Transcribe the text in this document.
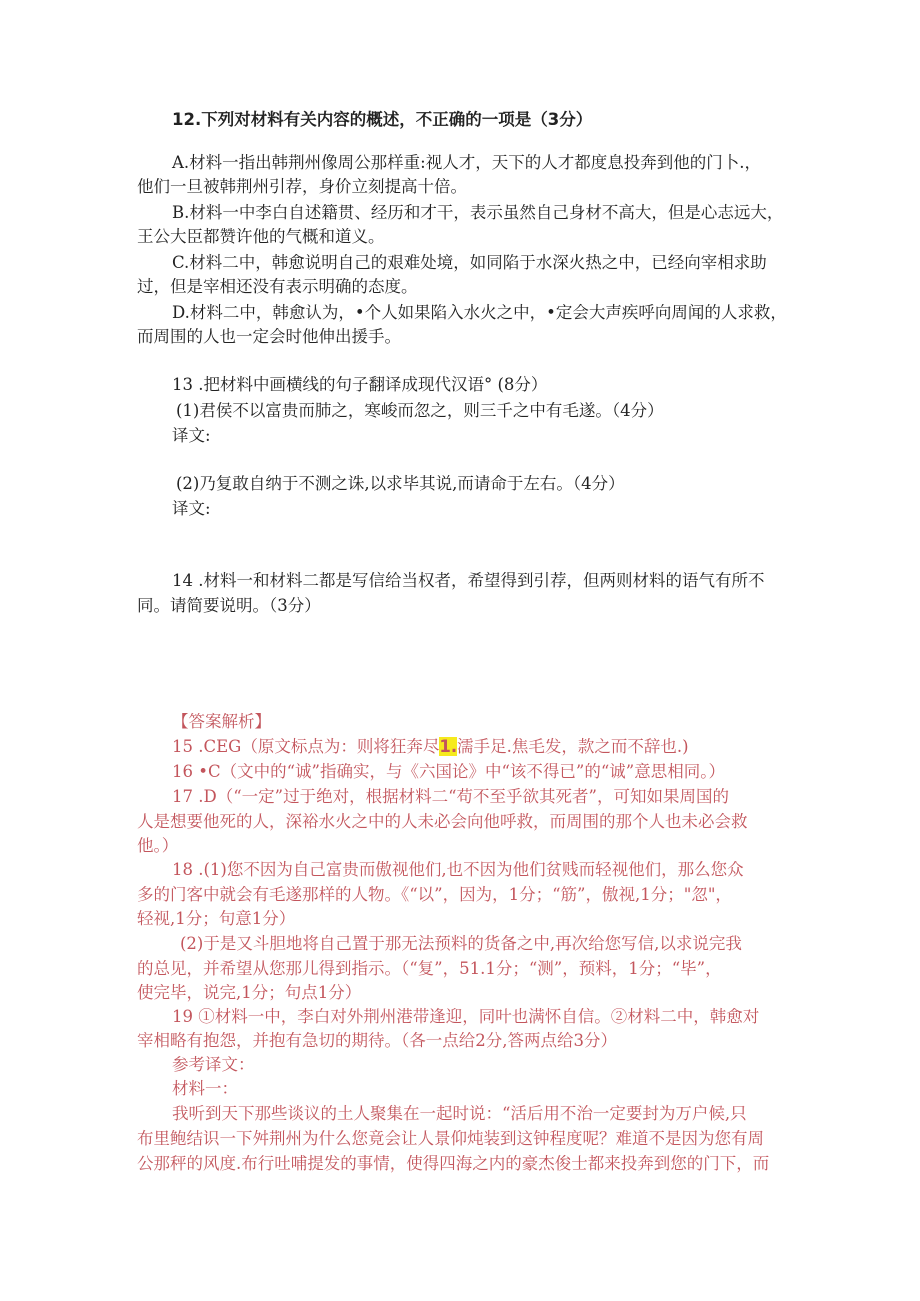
12.下列对材料有关内容的概述，不正确的一项是（3分）
A.材料一指出韩荆州像周公那样重:视人才，天下的人才都度息投奔到他的门卜.，
他们一旦被韩荆州引荐，身价立刻提高十倍。
B.材料一中李白自述籍贯、经历和才干，表示虽然自己身材不高大，但是心志远大，
王公大臣都赞许他的气概和道义。
C.材料二中，韩愈说明自己的艰难处境，如同陷于水深火热之中，已经向宰相求助
过，但是宰相还没有表示明确的态度。
D.材料二中，韩愈认为，•个人如果陷入水火之中，•定会大声疾呼向周闻的人求救，
而周围的人也一定会时他伸出援手。
13 .把材料中画横线的句子翻译成现代汉语° (8分）
(1)君侯不以富贵而肺之，寒峻而忽之，则三千之中有毛遂。（4分）
译文:
(2)乃复敢自纳于不测之诛,以求毕其说,而请命于左右。（4分）
译文:
14 .材料一和材料二都是写信给当权者，希望得到引荐，但两则材料的语气有所不
同。请简要说明。（3分）
【答案解析】
15 .CEG（原文标点为：则将狂奔尽1.濡手足.焦毛发，款之而不辞也.)
16 •C（文中的“诚”指确实，与《六国论》中“该不得已”的“诚”意思相同。）
17 .D（“一定”过于绝对，根据材料二“苟不至乎欲其死者”，可知如果周国的
人是想要他死的人，深裕水火之中的人未必会向他呼救，而周围的那个人也未必会救
他。）
18 .(1)您不因为自己富贵而傲视他们,也不因为他们贫贱而轻视他们，那么您众
多的门客中就会有毛遂那样的人物。《“以”，因为，1分；“筋”，傲视,1分；"忽"，
轻视,1分；句意1分）
(2)于是又斗胆地将自己置于那无法预料的货备之中,再次给您写信,以求说完我
的总见，并希望从您那儿得到指示。（“复”，51.1分；“测”，预料，1分；“毕”，
使完毕，说完,1分；句点1分）
19 ①材料一中，李白对外荆州港带逢迎，同叶也满怀自信。②材料二中，韩愈对
宰相略有抱怨，并抱有急切的期待。（各一点给2分,答两点给3分）
参考译文：
材料一：
我听到天下那些谈议的土人聚集在一起时说：“活后用不治一定要封为万户候,只
布里鲍结识一下舛荆州为什么您竟会让人景仰炖装到这钟程度呢？难道不是因为您有周
公那秤的风度.布行吐哺提发的事情，使得四海之内的豪杰俊士都来投奔到您的门下，而
